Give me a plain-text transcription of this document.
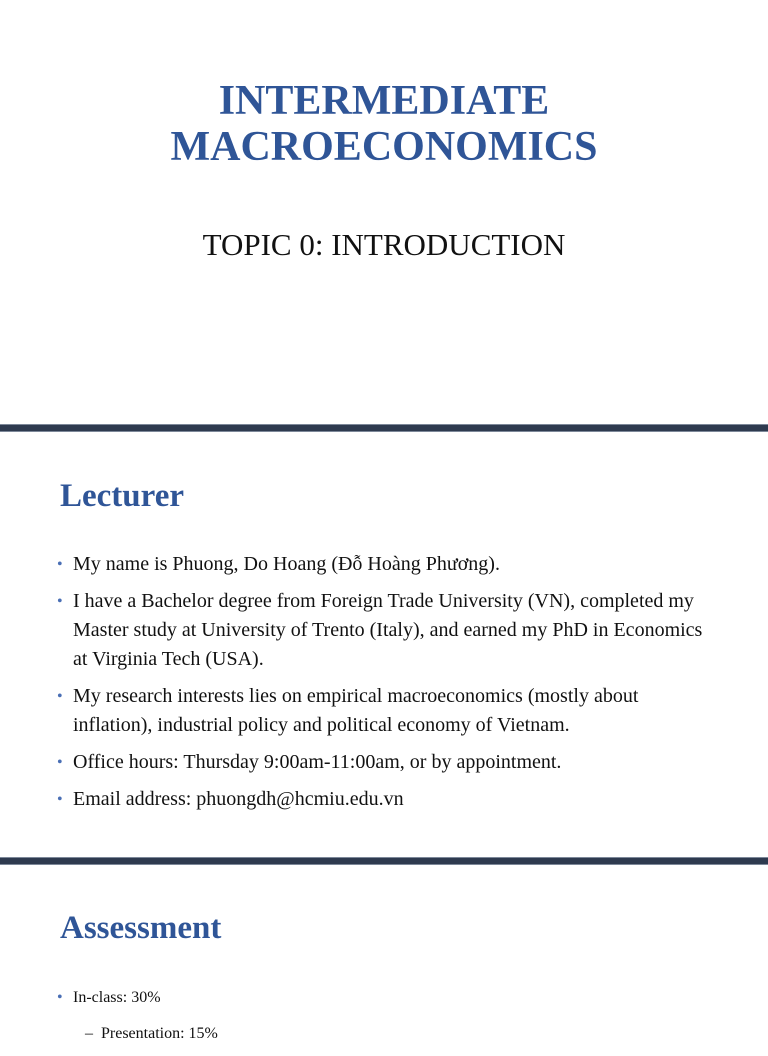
INTERMEDIATE
MACROECONOMICS
TOPIC 0: INTRODUCTION
Lecturer
• My name is Phuong, Do Hoang (Đỗ Hoàng Phương).
• I have a Bachelor degree from Foreign Trade University (VN), completed my Master study at University of Trento (Italy), and earned my PhD in Economics at Virginia Tech (USA).
• My research interests lies on empirical macroeconomics (mostly about inflation), industrial policy and political economy of Vietnam.
• Office hours: Thursday 9:00am-11:00am, or by appointment.
• Email address: phuongdh@hcmiu.edu.vn
Assessment
• In-class: 30%
– Presentation: 15%
